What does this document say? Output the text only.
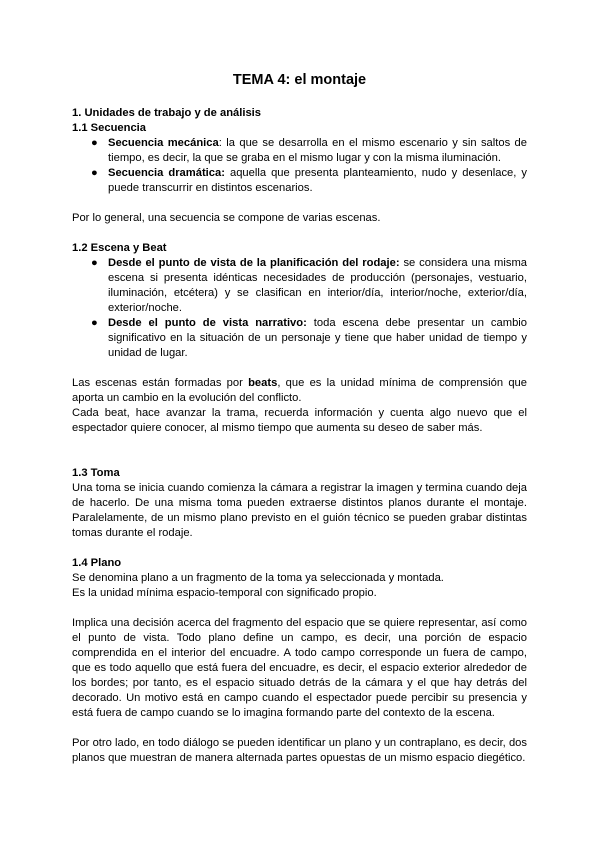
TEMA 4: el montaje
1. Unidades de trabajo y de análisis
1.1 Secuencia
● Secuencia mecánica: la que se desarrolla en el mismo escenario y sin saltos de tiempo, es decir, la que se graba en el mismo lugar y con la misma iluminación.
● Secuencia dramática: aquella que presenta planteamiento, nudo y desenlace, y puede transcurrir en distintos escenarios.

Por lo general, una secuencia se compone de varias escenas.

1.2 Escena y Beat
● Desde el punto de vista de la planificación del rodaje: se considera una misma escena si presenta idénticas necesidades de producción (personajes, vestuario, iluminación, etcétera) y se clasifican en interior/día, interior/noche, exterior/día, exterior/noche.
● Desde el punto de vista narrativo: toda escena debe presentar un cambio significativo en la situación de un personaje y tiene que haber unidad de tiempo y unidad de lugar.

Las escenas están formadas por beats, que es la unidad mínima de comprensión que aporta un cambio en la evolución del conflicto.

Cada beat, hace avanzar la trama, recuerda información y cuenta algo nuevo que el espectador quiere conocer, al mismo tiempo que aumenta su deseo de saber más.

1.3 Toma

Una toma se inicia cuando comienza la cámara a registrar la imagen y termina cuando deja de hacerlo. De una misma toma pueden extraerse distintos planos durante el montaje. Paralelamente, de un mismo plano previsto en el guión técnico se pueden grabar distintas tomas durante el rodaje.

1.4 Plano

Se denomina plano a un fragmento de la toma ya seleccionada y montada.

Es la unidad mínima espacio-temporal con significado propio.

Implica una decisión acerca del fragmento del espacio que se quiere representar, así como el punto de vista. Todo plano define un campo, es decir, una porción de espacio comprendida en el interior del encuadre. A todo campo corresponde un fuera de campo, que es todo aquello que está fuera del encuadre, es decir, el espacio exterior alrededor de los bordes; por tanto, es el espacio situado detrás de la cámara y el que hay detrás del decorado. Un motivo está en campo cuando el espectador puede percibir su presencia y está fuera de campo cuando se lo imagina formando parte del contexto de la escena.

Por otro lado, en todo diálogo se pueden identificar un plano y un contraplano, es decir, dos planos que muestran de manera alternada partes opuestas de un mismo espacio diegético.
